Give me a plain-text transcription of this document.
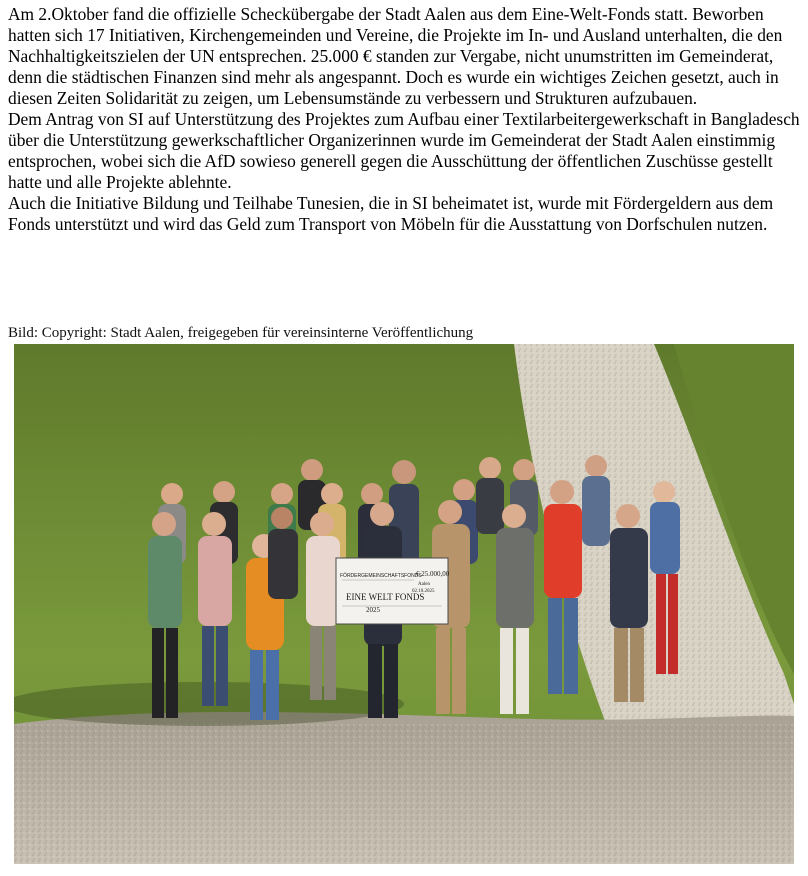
Am 2.Oktober fand die offizielle Scheckübergabe der Stadt Aalen aus dem Eine-Welt-Fonds statt. Beworben hatten sich 17 Initiativen, Kirchengemeinden und Vereine, die Projekte im In- und Ausland unterhalten, die den Nachhaltigkeitszielen der UN entsprechen. 25.000 € standen zur Vergabe, nicht unumstritten im Gemeinderat, denn die städtischen Finanzen sind mehr als angespannt. Doch es wurde ein wichtiges Zeichen gesetzt, auch in diesen Zeiten Solidarität zu zeigen, um Lebensumstände zu verbessern und Strukturen aufzubauen.

Dem Antrag von SI auf Unterstützung des Projektes zum Aufbau einer Textilarbeitergewerkschaft in Bangladesch über die Unterstützung gewerkschaftlicher Organizerinnen wurde im Gemeinderat der Stadt Aalen einstimmig entsprochen, wobei sich die AfD sowieso generell gegen die Ausschüttung der öffentlichen Zuschüsse gestellt hatte und alle Projekte ablehnte.

Auch die Initiative Bildung und Teilhabe Tunesien, die in SI beheimatet ist, wurde mit Fördergeldern aus dem Fonds unterstützt und wird das Geld zum Transport von Möbeln für die Ausstattung von Dorfschulen nutzen.

Bild: Copyright: Stadt Aalen, freigegeben für vereinsinterne Veröffentlichung
FÖRDERGEMEINSCHAFTSFONDS
€ 25.000,00
Aalen
02.10.2025
EINE WELT FONDS
2025
